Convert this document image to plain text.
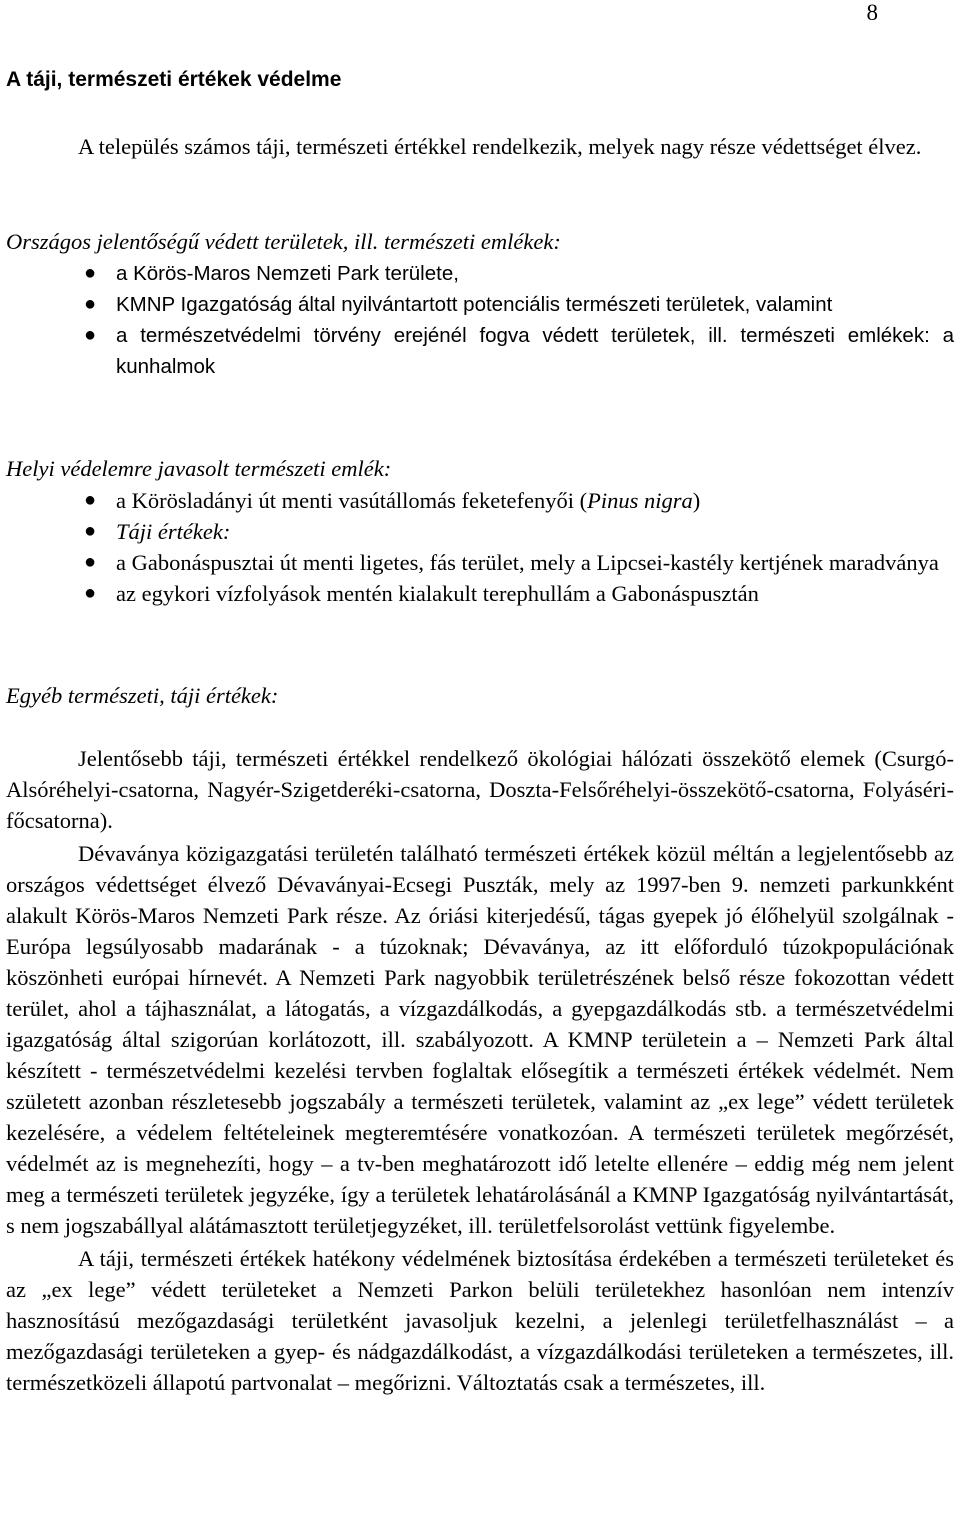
8
A táji, természeti értékek védelme
A település számos táji, természeti értékkel rendelkezik, melyek nagy része védettséget élvez.
Országos jelentőségű védett területek, ill. természeti emlékek:
● a Körös-Maros Nemzeti Park területe,
● KMNP Igazgatóság által nyilvántartott potenciális természeti területek, valamint
● a természetvédelmi törvény erejénél fogva védett területek, ill. természeti emlékek: a kunhalmok
Helyi védelemre javasolt természeti emlék:
● a Körösladányi út menti vasútállomás feketefenyői (Pinus nigra)
● Táji értékek:
● a Gabonáspusztai út menti ligetes, fás terület, mely a Lipcsei-kastély kertjének maradványa
● az egykori vízfolyások mentén kialakult terephullám a Gabonáspusztán
Egyéb természeti, táji értékek:
Jelentősebb táji, természeti értékkel rendelkező ökológiai hálózati összekötő elemek (Csurgó-Alsóréhelyi-csatorna, Nagyér-Szigetderéki-csatorna, Doszta-Felsőréhelyi-összekötő-csatorna, Folyáséri-főcsatorna).
Dévaványa közigazgatási területén található természeti értékek közül méltán a legjelentősebb az országos védettséget élvező Dévaványai-Ecsegi Puszták, mely az 1997-ben 9. nemzeti parkunkként alakult Körös-Maros Nemzeti Park része. Az óriási kiterjedésű, tágas gyepek jó élőhelyül szolgálnak - Európa legsúlyosabb madarának - a túzoknak; Dévaványa, az itt előforduló túzokpopulációnak köszönheti európai hírnevét. A Nemzeti Park nagyobbik területrészének belső része fokozottan védett terület, ahol a tájhasználat, a látogatás, a vízgazdálkodás, a gyepgazdálkodás stb. a természetvédelmi igazgatóság által szigorúan korlátozott, ill. szabályozott. A KMNP területein a – Nemzeti Park által készített - természetvédelmi kezelési tervben foglaltak elősegítik a természeti értékek védelmét. Nem született azonban részletesebb jogszabály a természeti területek, valamint az „ex lege” védett területek kezelésére, a védelem feltételeinek megteremtésére vonatkozóan. A természeti területek megőrzését, védelmét az is megnehezíti, hogy – a tv-ben meghatározott idő letelte ellenére – eddig még nem jelent meg a természeti területek jegyzéke, így a területek lehatárolásánál a KMNP Igazgatóság nyilvántartását, s nem jogszabállyal alátámasztott területjegyzéket, ill. területfelsorolást vettünk figyelembe.
A táji, természeti értékek hatékony védelmének biztosítása érdekében a természeti területeket és az „ex lege” védett területeket a Nemzeti Parkon belüli területekhez hasonlóan nem intenzív hasznosítású mezőgazdasági területként javasoljuk kezelni, a jelenlegi területfelhasználást – a mezőgazdasági területeken a gyep- és nádgazdálkodást, a vízgazdálkodási területeken a természetes, ill. természetközeli állapotú partvonalat – megőrizni. Változtatás csak a természetes, ill.
